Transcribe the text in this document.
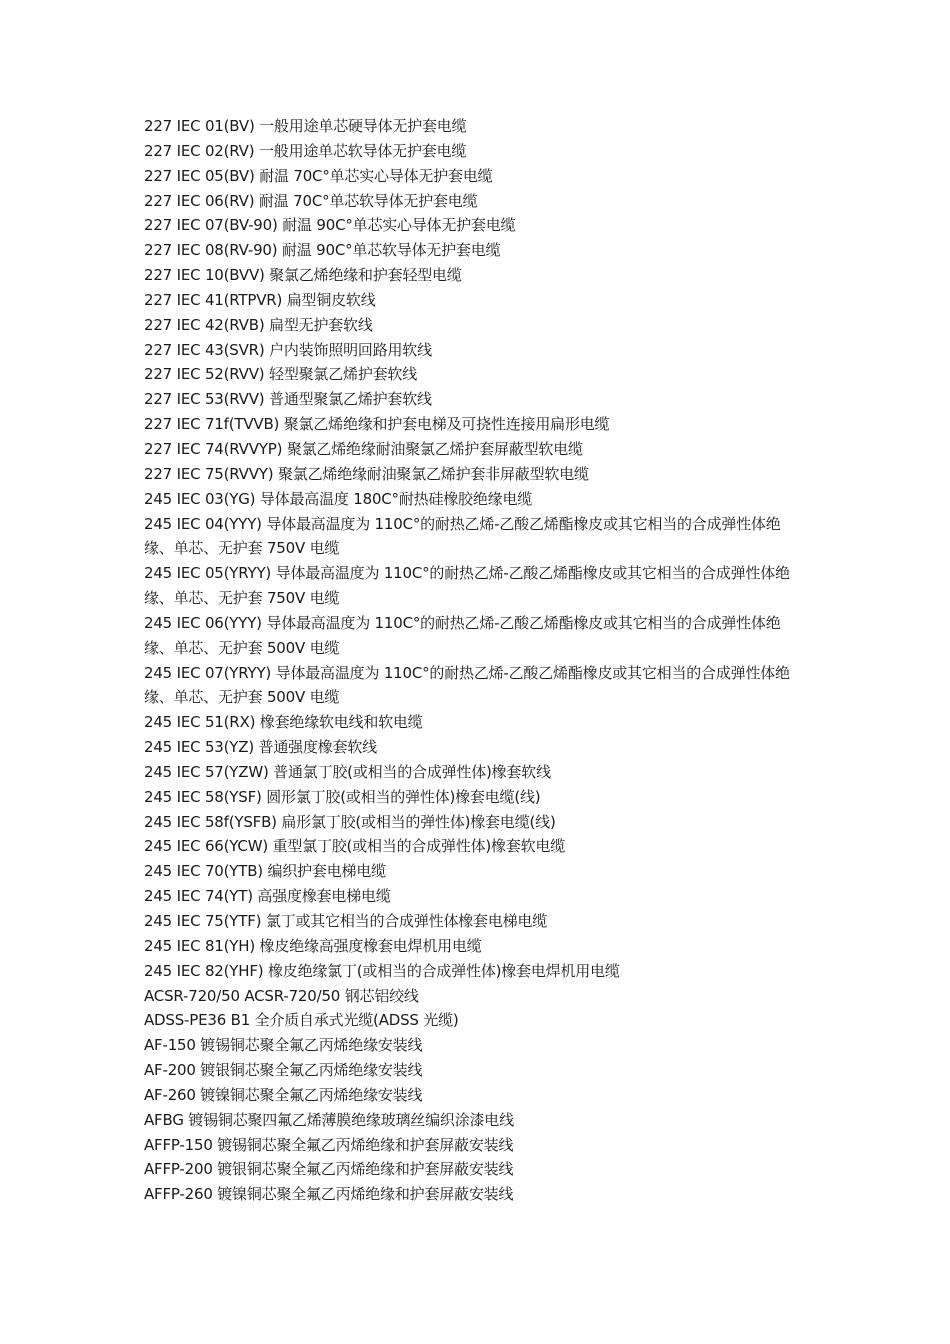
227 IEC 01(BV) 一般用途单芯硬导体无护套电缆

227 IEC 02(RV) 一般用途单芯软导体无护套电缆

227 IEC 05(BV) 耐温 70C°单芯实心导体无护套电缆

227 IEC 06(RV) 耐温 70C°单芯软导体无护套电缆

227 IEC 07(BV-90) 耐温 90C°单芯实心导体无护套电缆

227 IEC 08(RV-90) 耐温 90C°单芯软导体无护套电缆

227 IEC 10(BVV) 聚氯乙烯绝缘和护套轻型电缆

227 IEC 41(RTPVR) 扁型铜皮软线

227 IEC 42(RVB) 扁型无护套软线

227 IEC 43(SVR) 户内装饰照明回路用软线

227 IEC 52(RVV) 轻型聚氯乙烯护套软线

227 IEC 53(RVV) 普通型聚氯乙烯护套软线

227 IEC 71f(TVVB) 聚氯乙烯绝缘和护套电梯及可挠性连接用扁形电缆

227 IEC 74(RVVYP) 聚氯乙烯绝缘耐油聚氯乙烯护套屏蔽型软电缆

227 IEC 75(RVVY) 聚氯乙烯绝缘耐油聚氯乙烯护套非屏蔽型软电缆

245 IEC 03(YG) 导体最高温度 180C°耐热硅橡胶绝缘电缆

245 IEC 04(YYY) 导体最高温度为 110C°的耐热乙烯-乙酸乙烯酯橡皮或其它相当的合成弹性体绝缘、单芯、无护套 750V 电缆

245 IEC 05(YRYY) 导体最高温度为 110C°的耐热乙烯-乙酸乙烯酯橡皮或其它相当的合成弹性体绝缘、单芯、无护套 750V 电缆

245 IEC 06(YYY) 导体最高温度为 110C°的耐热乙烯-乙酸乙烯酯橡皮或其它相当的合成弹性体绝缘、单芯、无护套 500V 电缆

245 IEC 07(YRYY) 导体最高温度为 110C°的耐热乙烯-乙酸乙烯酯橡皮或其它相当的合成弹性体绝缘、单芯、无护套 500V 电缆

245 IEC 51(RX) 橡套绝缘软电线和软电缆

245 IEC 53(YZ) 普通强度橡套软线

245 IEC 57(YZW) 普通氯丁胶(或相当的合成弹性体)橡套软线

245 IEC 58(YSF) 圆形氯丁胶(或相当的弹性体)橡套电缆(线)

245 IEC 58f(YSFB) 扁形氯丁胶(或相当的弹性体)橡套电缆(线)

245 IEC 66(YCW) 重型氯丁胶(或相当的合成弹性体)橡套软电缆

245 IEC 70(YTB) 编织护套电梯电缆

245 IEC 74(YT) 高强度橡套电梯电缆

245 IEC 75(YTF) 氯丁或其它相当的合成弹性体橡套电梯电缆

245 IEC 81(YH) 橡皮绝缘高强度橡套电焊机用电缆

245 IEC 82(YHF) 橡皮绝缘氯丁(或相当的合成弹性体)橡套电焊机用电缆

ACSR-720/50 ACSR-720/50 钢芯铝绞线

ADSS-PE36 B1 全介质自承式光缆(ADSS 光缆)

AF-150 镀锡铜芯聚全氟乙丙烯绝缘安装线

AF-200 镀银铜芯聚全氟乙丙烯绝缘安装线

AF-260 镀镍铜芯聚全氟乙丙烯绝缘安装线

AFBG 镀锡铜芯聚四氟乙烯薄膜绝缘玻璃丝编织涂漆电线

AFFP-150 镀锡铜芯聚全氟乙丙烯绝缘和护套屏蔽安装线

AFFP-200 镀银铜芯聚全氟乙丙烯绝缘和护套屏蔽安装线

AFFP-260 镀镍铜芯聚全氟乙丙烯绝缘和护套屏蔽安装线
